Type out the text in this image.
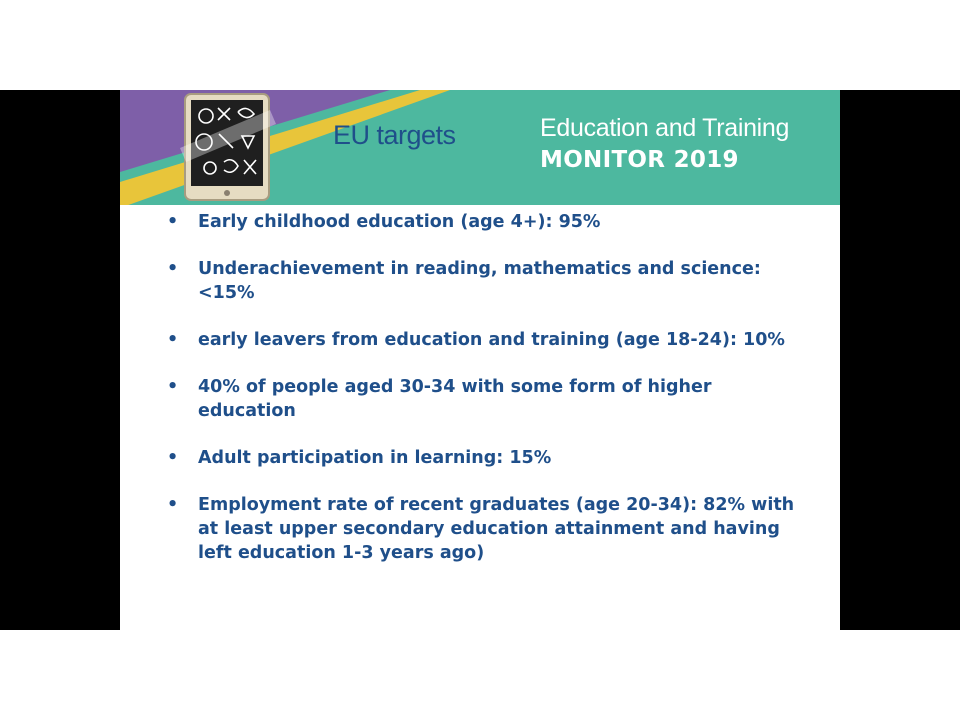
EU targets	Education and Training
MONITOR 2019
• Early childhood education (age 4+): 95%
• Underachievement in reading, mathematics and science: <15%
• early leavers from education and training (age 18-24): 10%
• 40% of people aged 30-34 with some form of higher education
• Adult participation in learning: 15%
• Employment rate of recent graduates (age 20-34): 82% with at least upper secondary education attainment and having left education 1-3 years ago)
